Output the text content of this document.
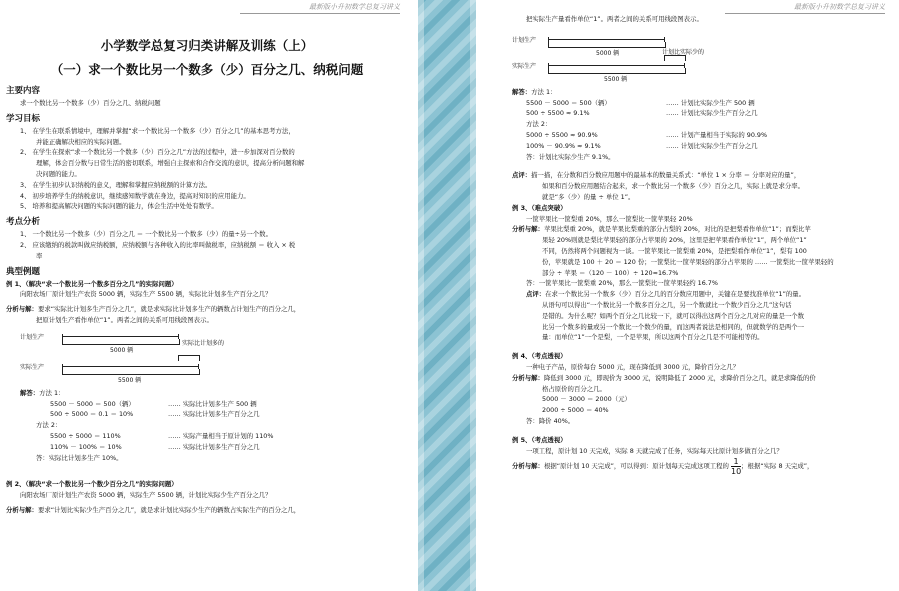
最新版小升初数学总复习讲义
小学数学总复习归类讲解及训练（上）
（一）求一个数比另一个数多（少）百分之几、纳税问题
主要内容
求一个数比另一个数多（少）百分之几、纳税问题
学习目标
1、 在学生在联系情境中，理解并掌握“求一个数比另一个数多（少）百分之几”的基本思考方法，
并能正确解决相应的实际问题。
2、 在学生在探索“求一个数比另一个数多（少）百分之几”方法的过程中，进一步加深对百分数的
理解，体会百分数与日常生活的密切联系，增强自主探索和合作交流的意识，提高分析问题和解
决问题的能力。
3、 在学生初步认识纳税的意义，理解和掌握应纳税额的计算方法。
4、 初步培养学生的纳税意识，继续感知数学就在身边，提高对知识的应用能力。
5、 培养和提高解决问题的实际问题的能力，体会生活中处处有数学。
考点分析
1、 一个数比另一个数多（少）百分之几 ＝ 一个数比另一个数多（少）的量÷另一个数。
2、 应该缴纳的税款叫做应纳税额，应纳税额与各种收入的比率叫做税率，应纳税额 ＝ 收入 × 税
率
典型例题
例 1、（解决“求一个数比另一个数多百分之几”的实际问题）
向阳农场厂原计划生产农资 5000 辆，实际生产 5500 辆，实际比计划多生产百分之几？
分析与解：要求“实际比计划多生产百分之几”，就是求实际比计划多生产的辆数占计划生产的百分之几，
把原计划生产看作单位“1”。两者之间的关系可用线段图表示。
计划生产
5000 辆
实际比计划多的
实际生产
5500 辆
解答：方法 1：
5500 － 5000 ＝ 500（辆）	…… 实际比计划多生产 500 辆
500 ÷ 5000 ＝ 0.1 ＝ 10%	…… 实际比计划多生产百分之几
方法 2：
5500 ÷ 5000 ＝ 110%	…… 实际产量相当于原计划的 110%
110% － 100% ＝ 10%	…… 实际比计划多生产百分之几
答：实际比计划多生产 10%。
例 2、（解决“求一个数比另一个数少百分之几”的实际问题）
向阳农场厂原计划生产农资 5000 辆，实际生产 5500 辆，计划比实际少生产百分之几？
分析与解：要求“计划比实际少生产百分之几”，就是求计划比实际少生产的辆数占实际生产的百分之几，
最新版小升初数学总复习讲义
把实际生产量看作单位“1”。两者之间的关系可用线段图表示。
计划生产
5000 辆	计划比实际少的
实际生产
5500 辆
解答：方法 1：
5500 － 5000 ＝ 500（辆）	…… 计划比实际少生产 500 辆
500 ÷ 5500 ≈ 9.1%	…… 计划比实际少生产百分之几
方法 2：
5000 ÷ 5500 ≈ 90.9%	…… 计划产量相当于实际的 90.9%
100% － 90.9% ≈ 9.1%	…… 计划比实际少生产百分之几
答：计划比实际少生产 9.1%。
点评：描一描，在分数和百分数应用题中的最基本的数量关系式：“单位 1 × 分率 ＝ 分率对应的量”，
如果和百分数应用题结合起来，求一个数比另一个数多（少）百分之几，实际上就是求分率。
就是“多（少）的量 ÷ 单位 1”。
例 3、（难点突破）
一筐苹果比一筐梨重 20%，那么一筐梨比一筐苹果轻 20%
分析与解：苹果比梨重 20%，就是苹果比梨重的部分占梨的 20%，对比的是把梨看作单位“1”；而梨比苹
果轻 20%则就是梨比苹果轻的部分占苹果的 20%，这里是把苹果看作单位“1”，两个单位“1”
不同，仍然将两个问题视为一谈。一筐苹果比一筐梨重 20%，是把梨看作单位“1”，梨有 100
份，苹果就是 100 ＋ 20 ＝ 120 份；一筐梨比一筐苹果轻的部分占苹果的 …… 一筐梨比一筐苹果轻的
部分 ÷ 苹果 ＝（120 － 100）÷ 120≈16.7%
答：一筐苹果比一筐梨重 20%，那么一筐梨比一筐苹果轻约 16.7%
点评：在求一个数比另一个数多（少）百分之几的百分数应用题中，关键在是要找准单位“1”的量。
从语句可以得出“一个数比另一个数多百分之几，另一个数就比一个数少百分之几”这句话
是错的。为什么呢？如两个百分之几比较一下，就可以得出这两个百分之几对应的量是一个数
比另一个数多的量或另一个数比一个数少的量，而这两者说法是相同的，但就数学的是两个一
量：而单位“1”一个是梨，一个是苹果，所以这两个百分之几是不可能相等的。
例 4、（考点透视）
一种电子产品，原价每台 5000 元，现在降低到 3000 元，降价百分之几？
分析与解：降低到 3000 元，即现价为 3000 元，说明降低了 2000 元，求降价百分之几，就是求降低的价
格占原价的百分之几。
5000 － 3000 ＝ 2000（元）
2000 ÷ 5000 ＝ 40%
答：降价 40%。
例 5、（考点透视）
一项工程，原计划 10 天完成，实际 8 天就完成了任务，实际每天比原计划多做百分之几？
分析与解：根据“原计划 10 天完成”，可以得到：原计划每天完成这项工程的 $\frac{1}{10}$ ；根据“实际 8 天完成”，
